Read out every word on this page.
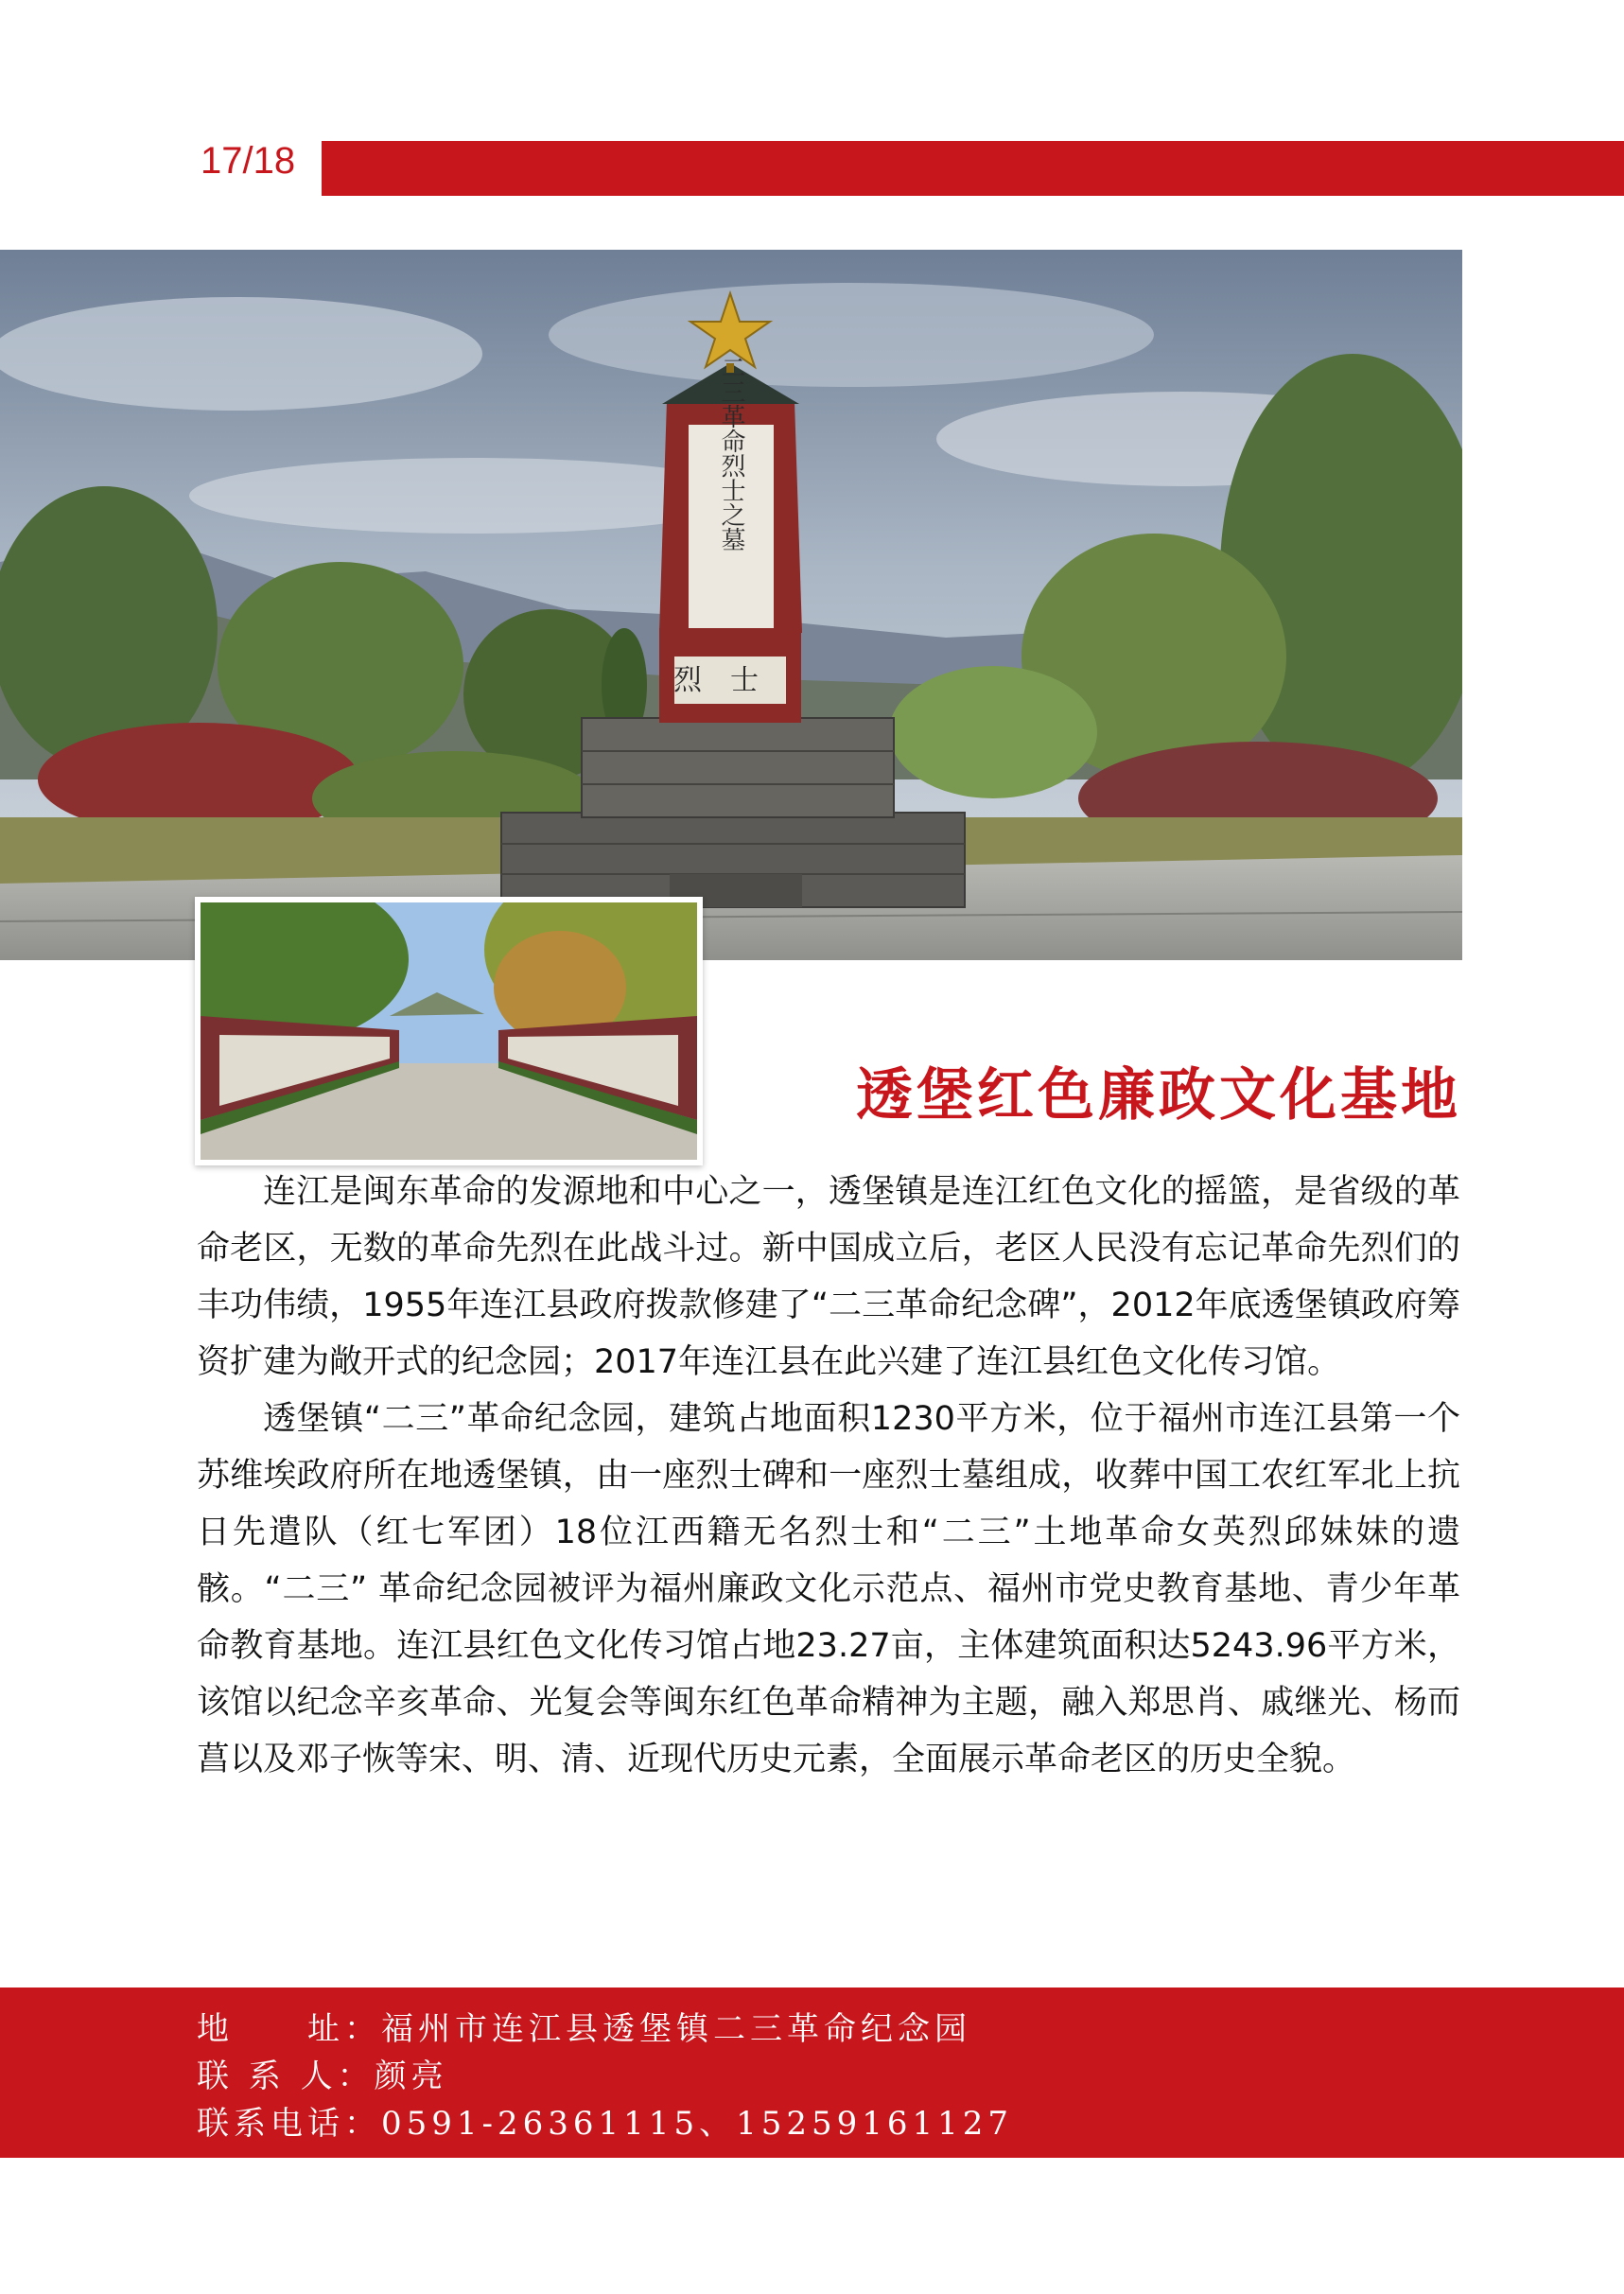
17/18
二三革命烈士之墓
烈士
透堡红色廉政文化基地

连江是闽东革命的发源地和中心之一，透堡镇是连江红色文化的摇篮，是省级的革命老区，无数的革命先烈在此战斗过。新中国成立后，老区人民没有忘记革命先烈们的丰功伟绩，1955年连江县政府拨款修建了“二三革命纪念碑”，2012年底透堡镇政府筹资扩建为敞开式的纪念园；2017年连江县在此兴建了连江县红色文化传习馆。

透堡镇“二三”革命纪念园，建筑占地面积1230平方米，位于福州市连江县第一个苏维埃政府所在地透堡镇，由一座烈士碑和一座烈士墓组成，收葬中国工农红军北上抗日先遣队（红七军团）18位江西籍无名烈士和“二三”土地革命女英烈邱妹妹的遗骸。“二三” 革命纪念园被评为福州廉政文化示范点、福州市党史教育基地、青少年革命教育基地。连江县红色文化传习馆占地23.27亩，主体建筑面积达5243.96平方米，该馆以纪念辛亥革命、光复会等闽东红色革命精神为主题，融入郑思肖、戚继光、杨而菖以及邓子恢等宋、明、清、近现代历史元素，全面展示革命老区的历史全貌。

地　　址：福州市连江县透堡镇二三革命纪念园
联 系 人：颜亮
联系电话：0591-26361115、15259161127
